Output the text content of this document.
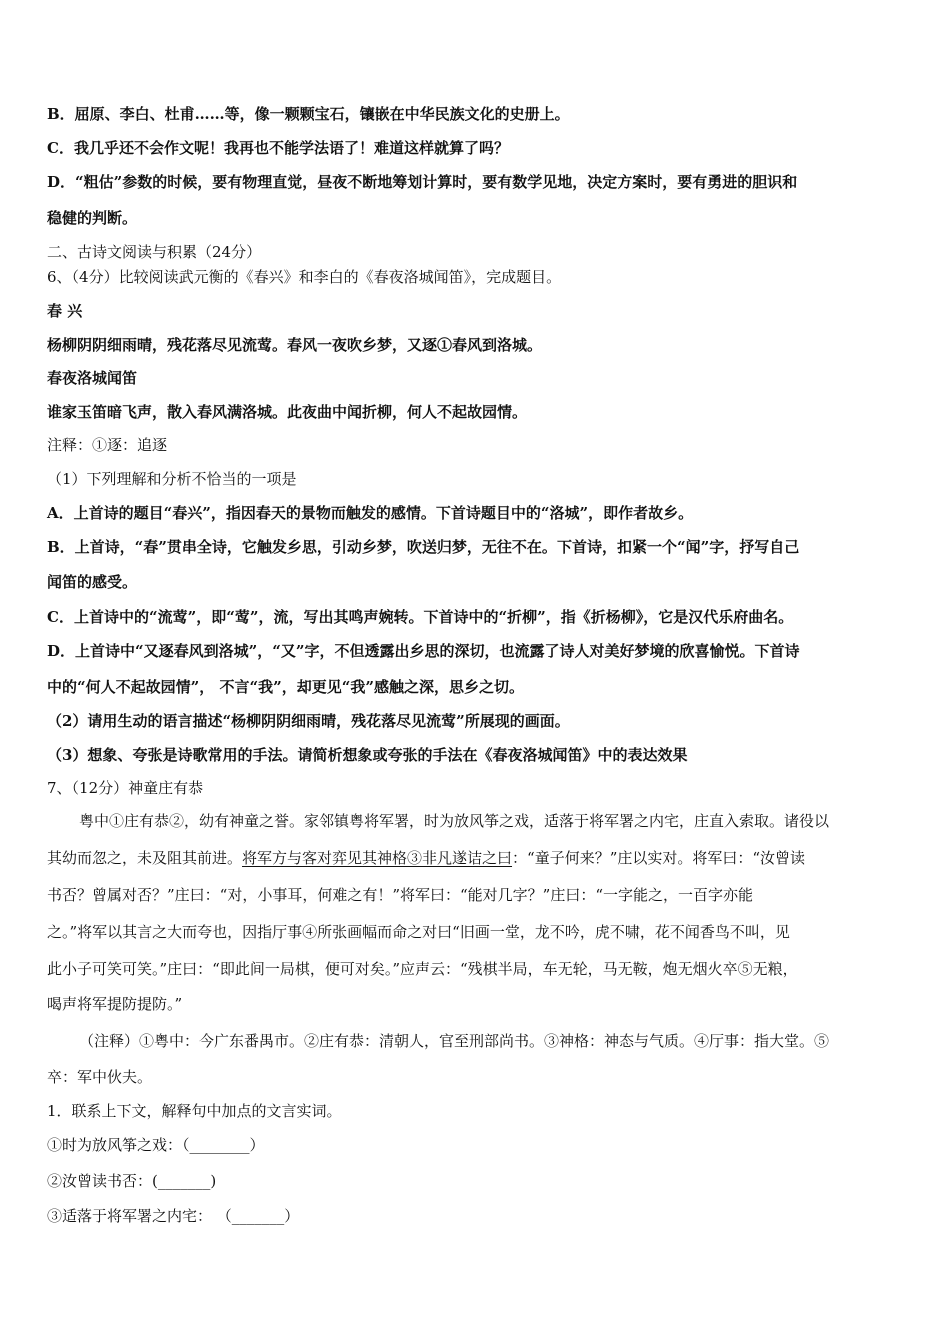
B．屈原、李白、杜甫……等，像一颗颗宝石，镶嵌在中华民族文化的史册上。
C．我几乎还不会作文呢！我再也不能学法语了！难道这样就算了吗？
D．“粗估”参数的时候，要有物理直觉，昼夜不断地筹划计算时，要有数学见地，决定方案时，要有勇进的胆识和
稳健的判断。
二、古诗文阅读与积累（24分）
6、（4分）比较阅读武元衡的《春兴》和李白的《春夜洛城闻笛》，完成题目。
春 兴
杨柳阴阴细雨晴，残花落尽见流莺。春风一夜吹乡梦，又逐①春风到洛城。
春夜洛城闻笛
谁家玉笛暗飞声，散入春风满洛城。此夜曲中闻折柳，何人不起故园情。
注释：①逐：追逐
（1）下列理解和分析不恰当的一项是
A．上首诗的题目“春兴”，指因春天的景物而触发的感情。下首诗题目中的“洛城”，即作者故乡。
B．上首诗，“春”贯串全诗，它触发乡思，引动乡梦，吹送归梦，无往不在。下首诗，扣紧一个“闻”字，抒写自己
闻笛的感受。
C．上首诗中的“流莺”，即“莺”，流，写出其鸣声婉转。下首诗中的“折柳”，指《折杨柳》，它是汉代乐府曲名。
D．上首诗中“又逐春风到洛城”，“又”字，不但透露出乡思的深切，也流露了诗人对美好梦境的欣喜愉悦。下首诗
中的“何人不起故园情”， 不言“我”，却更见“我”感触之深，思乡之切。
（2）请用生动的语言描述“杨柳阴阴细雨晴，残花落尽见流莺”所展现的画面。
（3）想象、夸张是诗歌常用的手法。请简析想象或夸张的手法在《春夜洛城闻笛》中的表达效果
7、（12分）神童庄有恭
粤中①庄有恭②，幼有神童之誉。家邻镇粤将军署，时为放风筝之戏，适落于将军署之内宅，庄直入索取。诸役以
其幼而忽之，未及阻其前进。将军方与客对弈见其神格③非凡遂诘之曰：“童子何来？”庄以实对。将军曰：“汝曾读
书否？曾属对否？”庄曰：“对，小事耳，何难之有！”将军曰：“能对几字？”庄曰：“一字能之，一百字亦能
之。”将军以其言之大而夸也，因指厅事④所张画幅而命之对曰“旧画一堂，龙不吟，虎不啸，花不闻香鸟不叫，见
此小子可笑可笑。”庄曰：“即此间一局棋，便可对矣。”应声云：“残棋半局，车无轮，马无鞍，炮无烟火卒⑤无粮，
喝声将军提防提防。”
（注释）①粤中：今广东番禺市。②庄有恭：清朝人，官至刑部尚书。③神格：神态与气质。④厅事：指大堂。⑤
卒：军中伙夫。
1．联系上下文，解释句中加点的文言实词。
①时为放风筝之戏：（________）
②汝曾读书否：(_______)
③适落于将军署之内宅： （_______）
